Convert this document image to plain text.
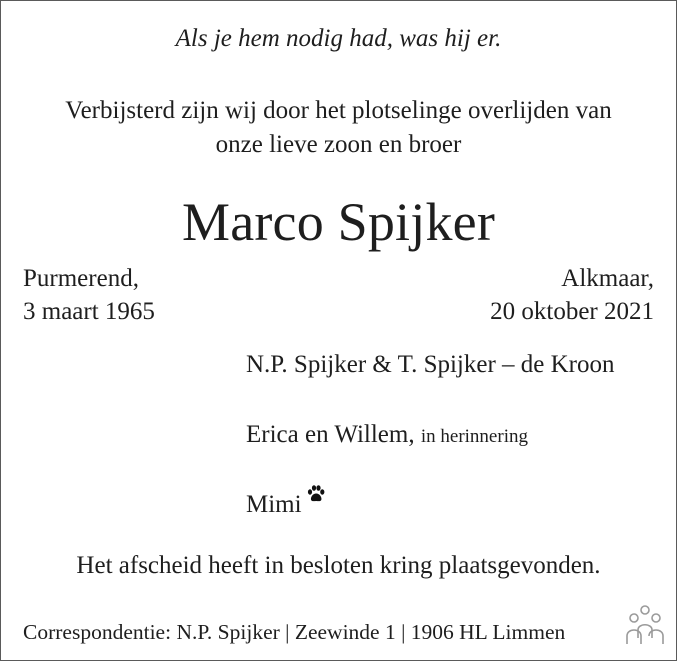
Als je hem nodig had, was hij er.
Verbijsterd zijn wij door het plotselinge overlijden van
onze lieve zoon en broer
Marco Spijker
Purmerend,
3 maart 1965
Alkmaar,
20 oktober 2021
N.P. Spijker & T. Spijker – de Kroon
Erica en Willem, in herinnering
Mimi
Het afscheid heeft in besloten kring plaatsgevonden.
Correspondentie: N.P. Spijker | Zeewinde 1 | 1906 HL Limmen
